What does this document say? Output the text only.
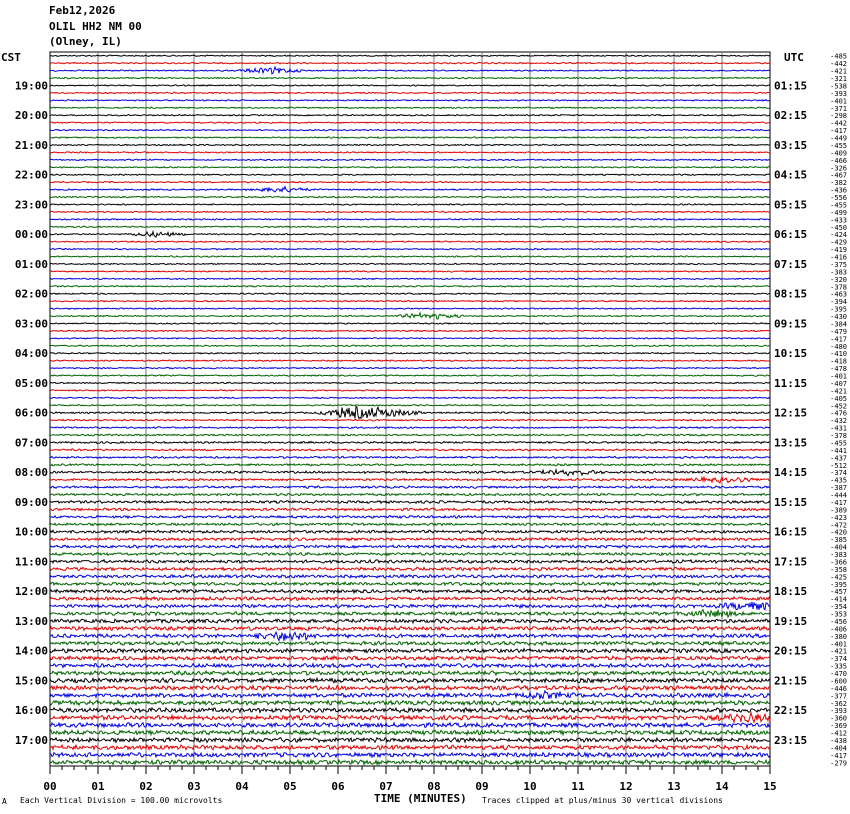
Feb12,2026
OLIL HH2 NM 00
(Olney, IL)
CST	UTC
00	01	02	03	04	05	06	07	08	09	10	11	12	13	14	15
19:00
20:00
21:00
22:00
23:00
00:00
01:00
02:00
03:00
04:00
05:00
06:00
07:00
08:00
09:00
10:00
11:00
12:00
13:00
14:00
15:00
16:00
17:00
01:15
02:15
03:15
04:15
05:15
06:15
07:15
08:15
09:15
10:15
11:15
12:15
13:15
14:15
15:15
16:15
17:15
18:15
19:15
20:15
21:15
22:15
23:15
-485
-442
-421
-321
-538
-393
-401
-371
-298
-442
-417
-449
-455
-409
-466
-326
-467
-382
-436
-556
-455
-499
-433
-450
-424
-429
-419
-416
-375
-383
-320
-378
-463
-394
-395
-430
-384
-479
-417
-480
-410
-418
-478
-401
-407
-421
-405
-452
-476
-432
-431
-378
-455
-441
-437
-512
-374
-435
-387
-444
-417
-389
-423
-472
-420
-385
-404
-383
-366
-358
-425
-395
-457
-414
-354
-353
-456
-406
-380
-401
-421
-374
-335
-470
-600
-446
-377
-362
-393
-360
-369
-412
-438
-404
-417
-279
A Each Vertical Division = 100.00 microvolts	TIME (MINUTES) Traces clipped at plus/minus 30 vertical divisions
